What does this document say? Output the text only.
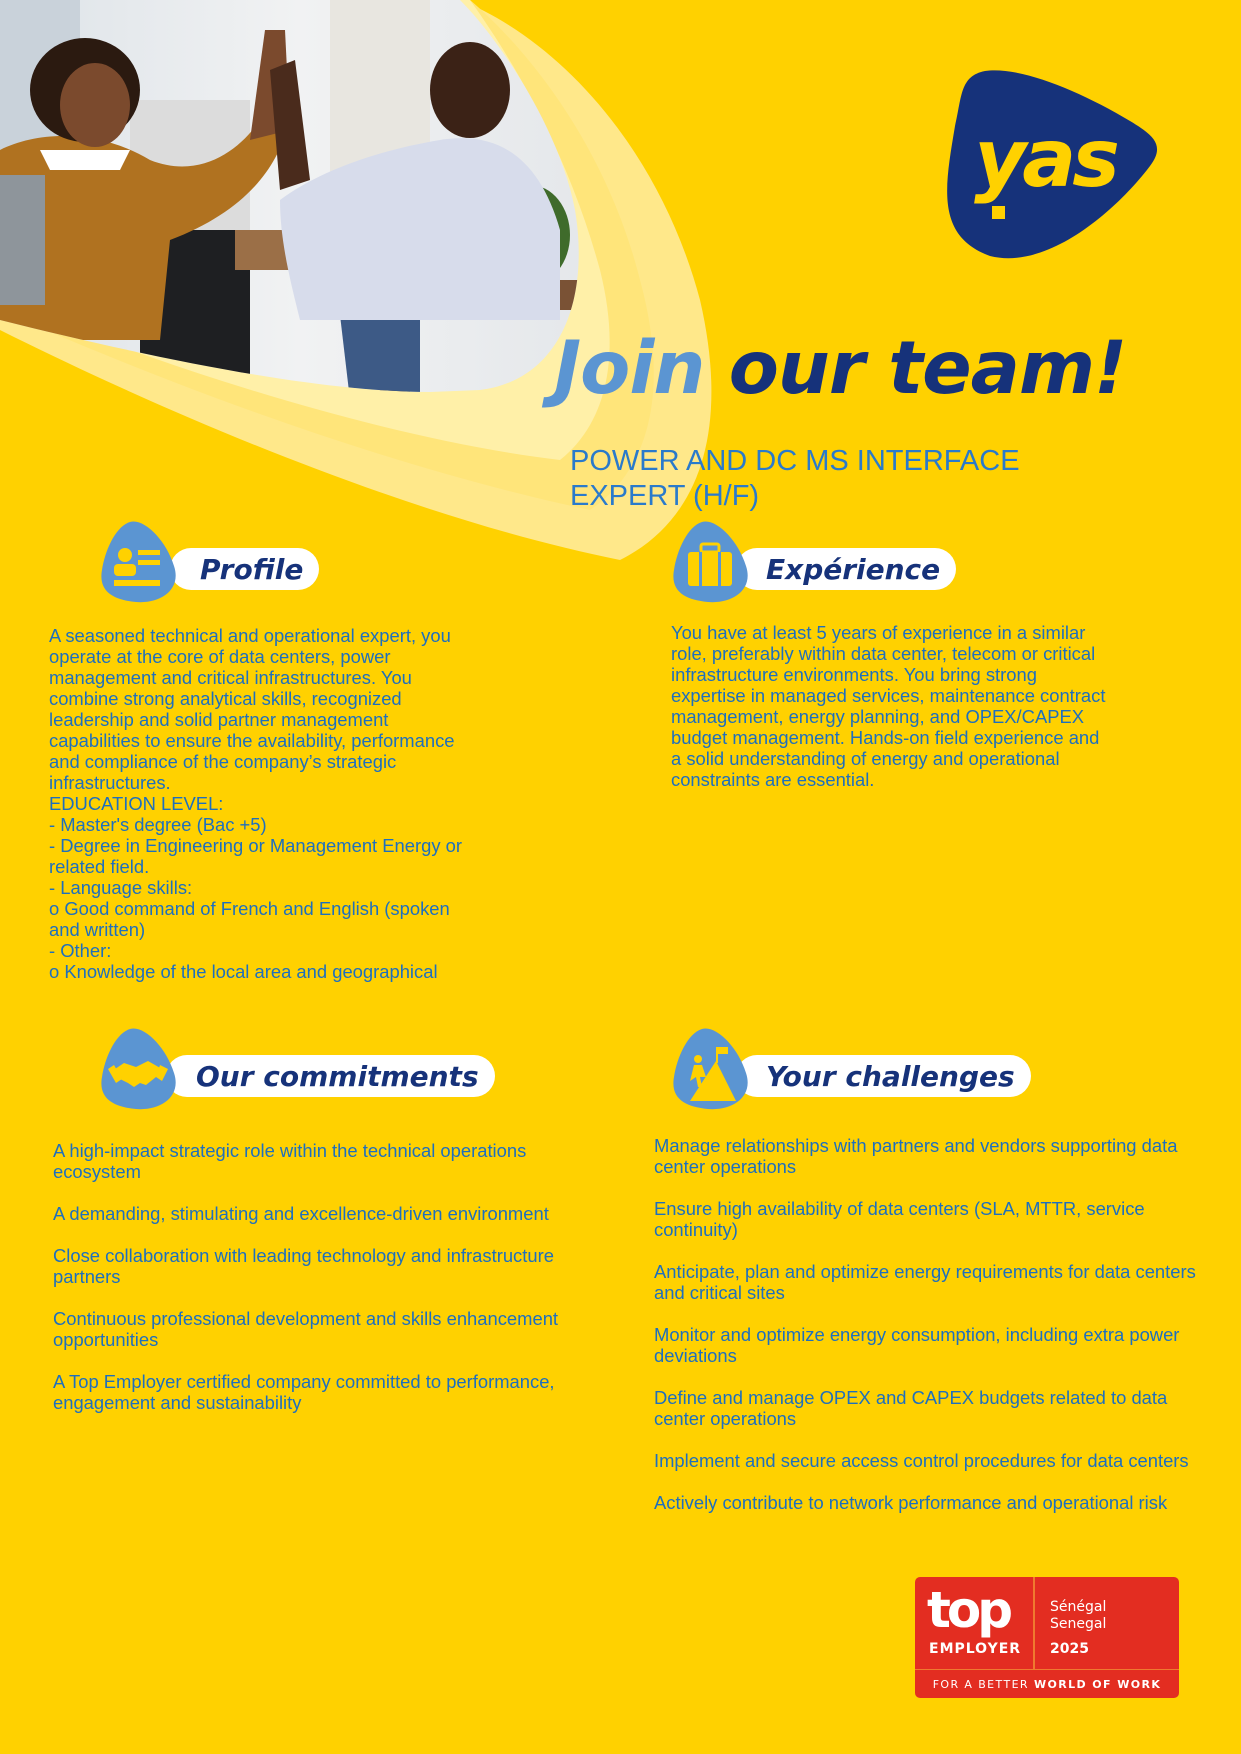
yas
Join our team!
POWER AND DC MS INTERFACE
EXPERT (H/F)
Profile
A seasoned technical and operational expert, you
operate at the core of data centers, power
management and critical infrastructures. You
combine strong analytical skills, recognized
leadership and solid partner management
capabilities to ensure the availability, performance
and compliance of the company’s strategic
infrastructures.
EDUCATION LEVEL:
- Master's degree (Bac +5)
- Degree in Engineering or Management Energy or
related field.
- Language skills:
o Good command of French and English (spoken
and written)
- Other:
o Knowledge of the local area and geographical
Expérience
You have at least 5 years of experience in a similar
role, preferably within data center, telecom or critical
infrastructure environments. You bring strong
expertise in managed services, maintenance contract
management, energy planning, and OPEX/CAPEX
budget management. Hands-on field experience and
a solid understanding of energy and operational
constraints are essential.
Our commitments
A high-impact strategic role within the technical operations
ecosystem
A demanding, stimulating and excellence-driven environment
Close collaboration with leading technology and infrastructure
partners
Continuous professional development and skills enhancement
opportunities
A Top Employer certified company committed to performance,
engagement and sustainability
Your challenges
Manage relationships with partners and vendors supporting data
center operations
Ensure high availability of data centers (SLA, MTTR, service
continuity)
Anticipate, plan and optimize energy requirements for data centers
and critical sites
Monitor and optimize energy consumption, including extra power
deviations
Define and manage OPEX and CAPEX budgets related to data
center operations
Implement and secure access control procedures for data centers
Actively contribute to network performance and operational risk
top
EMPLOYER
Sénégal
Senegal
2025
FOR A BETTER WORLD OF WORK
